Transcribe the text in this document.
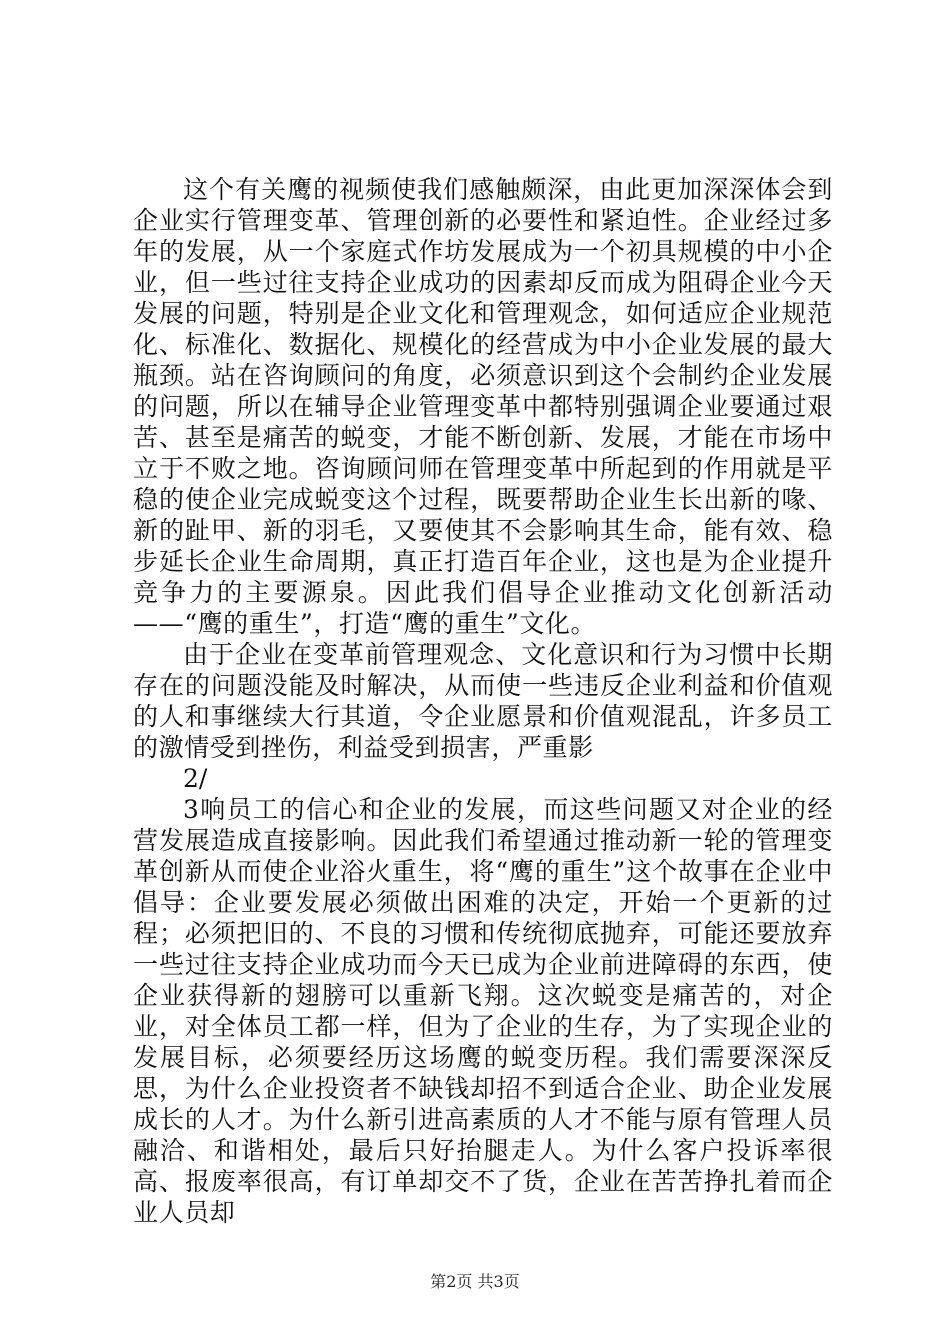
这个有关鹰的视频使我们感触颇深，由此更加深深体会到企业实行管理变革、管理创新的必要性和紧迫性。企业经过多年的发展，从一个家庭式作坊发展成为一个初具规模的中小企业，但一些过往支持企业成功的因素却反而成为阻碍企业今天发展的问题，特别是企业文化和管理观念，如何适应企业规范化、标准化、数据化、规模化的经营成为中小企业发展的最大瓶颈。站在咨询顾问的角度，必须意识到这个会制约企业发展的问题，所以在辅导企业管理变革中都特别强调企业要通过艰苦、甚至是痛苦的蜕变，才能不断创新、发展，才能在市场中立于不败之地。咨询顾问师在管理变革中所起到的作用就是平稳的使企业完成蜕变这个过程，既要帮助企业生长出新的喙、新的趾甲、新的羽毛，又要使其不会影响其生命，能有效、稳步延长企业生命周期，真正打造百年企业，这也是为企业提升竞争力的主要源泉。因此我们倡导企业推动文化创新活动——“鹰的重生”，打造“鹰的重生”文化。

由于企业在变革前管理观念、文化意识和行为习惯中长期存在的问题没能及时解决，从而使一些违反企业利益和价值观的人和事继续大行其道，令企业愿景和价值观混乱，许多员工的激情受到挫伤，利益受到损害，严重影

2/

3响员工的信心和企业的发展，而这些问题又对企业的经营发展造成直接影响。因此我们希望通过推动新一轮的管理变革创新从而使企业浴火重生，将“鹰的重生”这个故事在企业中倡导：企业要发展必须做出困难的决定，开始一个更新的过程；必须把旧的、不良的习惯和传统彻底抛弃，可能还要放弃一些过往支持企业成功而今天已成为企业前进障碍的东西，使企业获得新的翅膀可以重新飞翔。这次蜕变是痛苦的，对企业，对全体员工都一样，但为了企业的生存，为了实现企业的发展目标，必须要经历这场鹰的蜕变历程。我们需要深深反思，为什么企业投资者不缺钱却招不到适合企业、助企业发展成长的人才。为什么新引进高素质的人才不能与原有管理人员融洽、和谐相处，最后只好抬腿走人。为什么客户投诉率很高、报废率很高，有订单却交不了货，企业在苦苦挣扎着而企业人员却

第2页 共3页
